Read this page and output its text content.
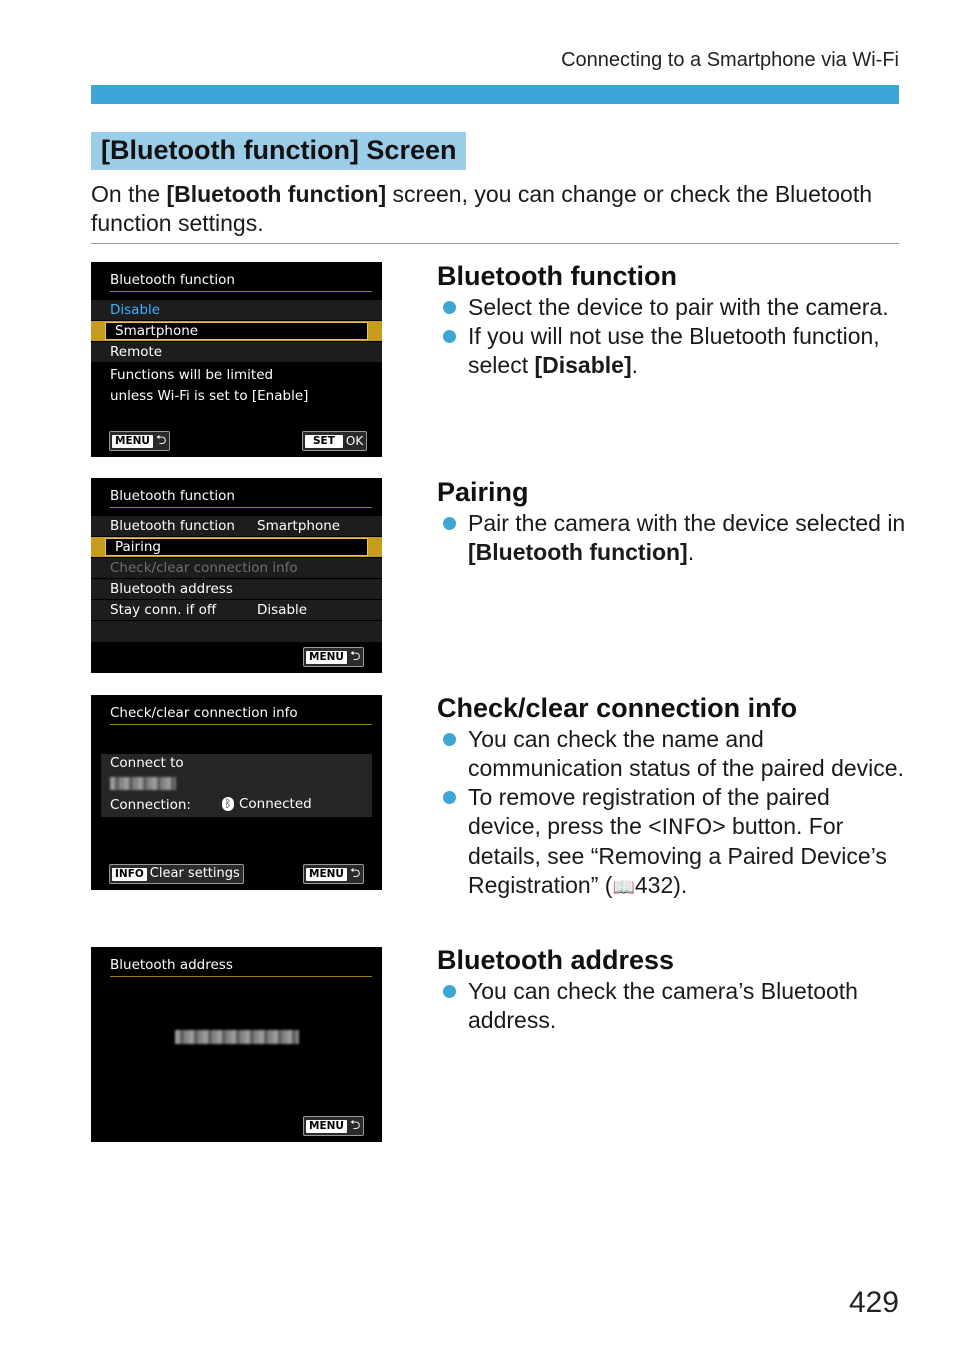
Connecting to a Smartphone via Wi-Fi
[Bluetooth function] Screen
On the [Bluetooth function] screen, you can change or check the Bluetooth function settings.
Bluetooth function
Disable
Smartphone
Remote
Functions will be limited
unless Wi-Fi is set to [Enable]
MENU ⮌	SET OK
Bluetooth function
Bluetooth function Smartphone
Pairing
Check/clear connection info
Bluetooth address
Stay conn. if off	Disable
MENU ⮌
Check/clear connection info
Connect to
Connection:	ᛒ Connected
INFO Clear settings	MENU ⮌
Bluetooth address
MENU ⮌
Bluetooth function
Select the device to pair with the camera.
If you will not use the Bluetooth function, select [Disable].
Pairing
Pair the camera with the device selected in [Bluetooth function].
Check/clear connection info
You can check the name and communication status of the paired device.
To remove registration of the paired device, press the <INFO> button. For details, see “Removing a Paired Device’s Registration” (📖432).
Bluetooth address
You can check the camera’s Bluetooth address.
429
